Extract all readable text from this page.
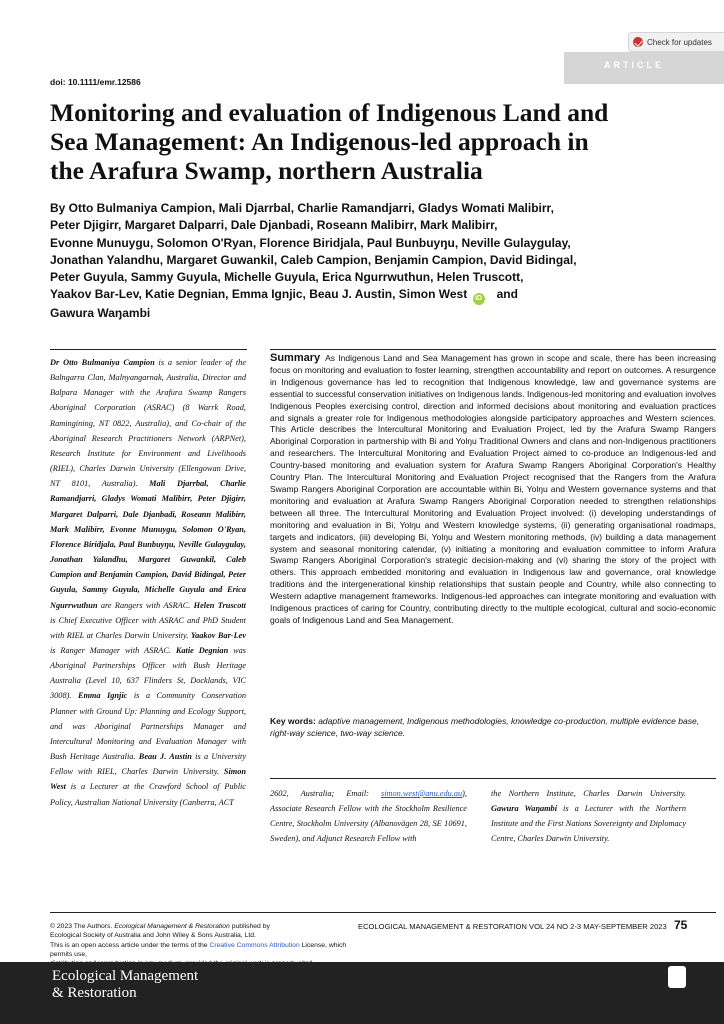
Check for updates
ARTICLE
doi: 10.1111/emr.12586
Monitoring and evaluation of Indigenous Land and
Sea Management: An Indigenous-led approach in
the Arafura Swamp, northern Australia
By Otto Bulmaniya Campion, Mali Djarrbal, Charlie Ramandjarri, Gladys Womati Malibirr,
Peter Djigirr, Margaret Dalparri, Dale Djanbadi, Roseann Malibirr, Mark Malibirr,
Evonne Munuygu, Solomon O'Ryan, Florence Biridjala, Paul Bunbuyŋu, Neville Gulaygulay,
Jonathan Yalandhu, Margaret Guwankil, Caleb Campion, Benjamin Campion, David Bidingal,
Peter Guyula, Sammy Guyula, Michelle Guyula, Erica Ngurrwuthun, Helen Truscott,
Yaakov Bar-Lev, Katie Degnian, Emma Ignjic, Beau J. Austin, Simon West iD and
Gawura Waŋambi
Dr Otto Bulmaniya Campion is a senior leader of the Balngarra Clan, Malnyangarnak, Australia, Director and Balpara Manager with the Arafura Swamp Rangers Aboriginal Corporation (ASRAC) (8 Warrk Road, Ramingining, NT 0822, Australia), and Co-chair of the Aboriginal Research Practitioners Network (ARPNet), Research Institute for Environment and Livelihoods (RIEL), Charles Darwin University (Ellengowan Drive, NT 8101, Australia). Mali Djarrbal, Charlie Ramandjarri, Gladys Womati Malibirr, Peter Djigirr, Margaret Dalparri, Dale Djanbadi, Roseann Malibirr, Mark Malibirr, Evonne Munuygu, Solomon O'Ryan, Florence Biridjala, Paul Bunbuyŋu, Neville Gulaygulay, Jonathan Yalandhu, Margaret Guwankil, Caleb Campion and Benjamin Campion, David Bidingal, Peter Guyula, Sammy Guyula, Michelle Guyula and Erica Ngurrwuthun are Rangers with ASRAC. Helen Truscott is Chief Executive Officer with ASRAC and PhD Student with RIEL at Charles Darwin University. Yaakov Bar-Lev is Ranger Manager with ASRAC. Katie Degnian was Aboriginal Partnerships Officer with Bush Heritage Australia (Level 10, 637 Flinders St, Docklands, VIC 3008). Emma Ignjic is a Community Conservation Planner with Ground Up: Planning and Ecology Support, and was Aboriginal Partnerships Manager and Intercultural Monitoring and Evaluation Manager with Bush Heritage Australia. Beau J. Austin is a University Fellow with RIEL, Charles Darwin University. Simon West is a Lecturer at the Crawford School of Public Policy, Australian National University (Canberra, ACT
Summary As Indigenous Land and Sea Management has grown in scope and scale, there has been increasing focus on monitoring and evaluation to foster learning, strengthen accountability and report on outcomes. A resurgence in Indigenous governance has led to recognition that Indigenous knowledge, law and governance systems are essential to successful conservation initiatives on Indigenous lands. Indigenous-led monitoring and evaluation involves Indigenous Peoples exercising control, direction and informed decisions about monitoring and evaluation practices and signals a greater role for Indigenous methodologies alongside participatory approaches and Western sciences. This Article describes the Intercultural Monitoring and Evaluation Project, led by the Arafura Swamp Rangers Aboriginal Corporation in partnership with Bi and Yolŋu Traditional Owners and clans and non-Indigenous practitioners and researchers. The Intercultural Monitoring and Evaluation Project aimed to co-produce an Indigenous-led and Country-based monitoring and evaluation system for Arafura Swamp Rangers Aboriginal Corporation's Healthy Country Plan. The Intercultural Monitoring and Evaluation Project recognised that the Rangers from the Arafura Swamp Rangers Aboriginal Corporation are accountable within Bi, Yolŋu and Western governance systems and that monitoring and evaluation at Arafura Swamp Rangers Aboriginal Corporation needed to strengthen relationships between all three. The Intercultural Monitoring and Evaluation Project involved: (i) developing understandings of monitoring and evaluation in Bi, Yolŋu and Western knowledge systems, (ii) generating organisational roadmaps, targets and indicators, (iii) developing Bi, Yolŋu and Western monitoring methods, (iv) building a data management system and seasonal monitoring calendar, (v) initiating a monitoring and evaluation committee to inform Arafura Swamp Rangers Aboriginal Corporation's strategic decision-making and (vi) sharing the story of the project with others. This approach embedded monitoring and evaluation in Indigenous law and governance, oral knowledge traditions and the intergenerational kinship relationships that sustain people and Country, while also connecting to Western adaptive management frameworks. Indigenous-led approaches can integrate monitoring and evaluation with Indigenous practices of caring for Country, contributing directly to the multiple ecological, cultural and socio-economic goals of Indigenous Land and Sea Management.
Key words: adaptive management, Indigenous methodologies, knowledge co-production, multiple evidence base, right-way science, two-way science.
2602, Australia; Email: simon.west@anu.edu.au), Associate Research Fellow with the Stockholm Resilience Centre, Stockholm University (Albanovägen 28, SE 10691, Sweden), and Adjunct Research Fellow with
the Northern Institute, Charles Darwin University. Gawura Waŋambi is a Lecturer with the Northern Institute and the First Nations Sovereignty and Diplomacy Centre, Charles Darwin University.
© 2023 The Authors. Ecological Management & Restoration published by
Ecological Society of Australia and John Wiley & Sons Australia, Ltd.
This is an open access article under the terms of the Creative Commons Attribution License, which permits use,
ECOLOGICAL MANAGEMENT & RESTORATION VOL 24 NO 2-3 MAY-SEPTEMBER 2023 75
Ecological Management
& Restoration
